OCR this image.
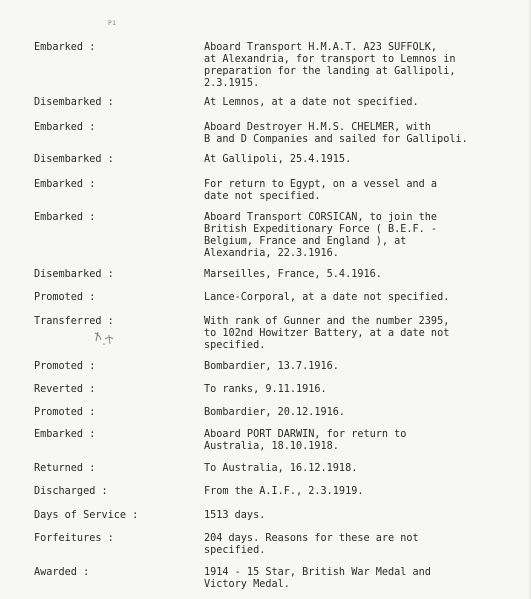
P1
Embarked :	Aboard Transport H.M.A.T. A23 SUFFOLK,
at Alexandria, for transport to Lemnos in
preparation for the landing at Gallipoli,
2.3.1915.
Disembarked :	At Lemnos, at a date not specified.
Embarked :	Aboard Destroyer H.M.S. CHELMER, with
B and D Companies and sailed for Gallipoli.
Disembarked :	At Gallipoli, 25.4.1915.
Embarked :	For return to Egypt, on a vessel and a
date not specified.
Embarked :	Aboard Transport CORSICAN, to join the
British Expeditionary Force ( B.E.F. -
Belgium, France and England ), at
Alexandria, 22.3.1916.
Disembarked :	Marseilles, France, 5.4.1916.
Promoted :	Lance-Corporal, at a date not specified.
Transferred :	With rank of Gunner and the number 2395,
to 102nd Howitzer Battery, at a date not
specified.
Promoted :	Bombardier, 13.7.1916.
Reverted :	To ranks, 9.11.1916.
Promoted :	Bombardier, 20.12.1916.
Embarked :	Aboard PORT DARWIN, for return to
Australia, 18.10.1918.
Returned :	To Australia, 16.12.1918.
Discharged :	From the A.I.F., 2.3.1919.
Days of Service :	1513 days.
Forfeitures :	204 days. Reasons for these are not
specified.
Awarded :	1914 - 15 Star, British War Medal and
Victory Medal.
